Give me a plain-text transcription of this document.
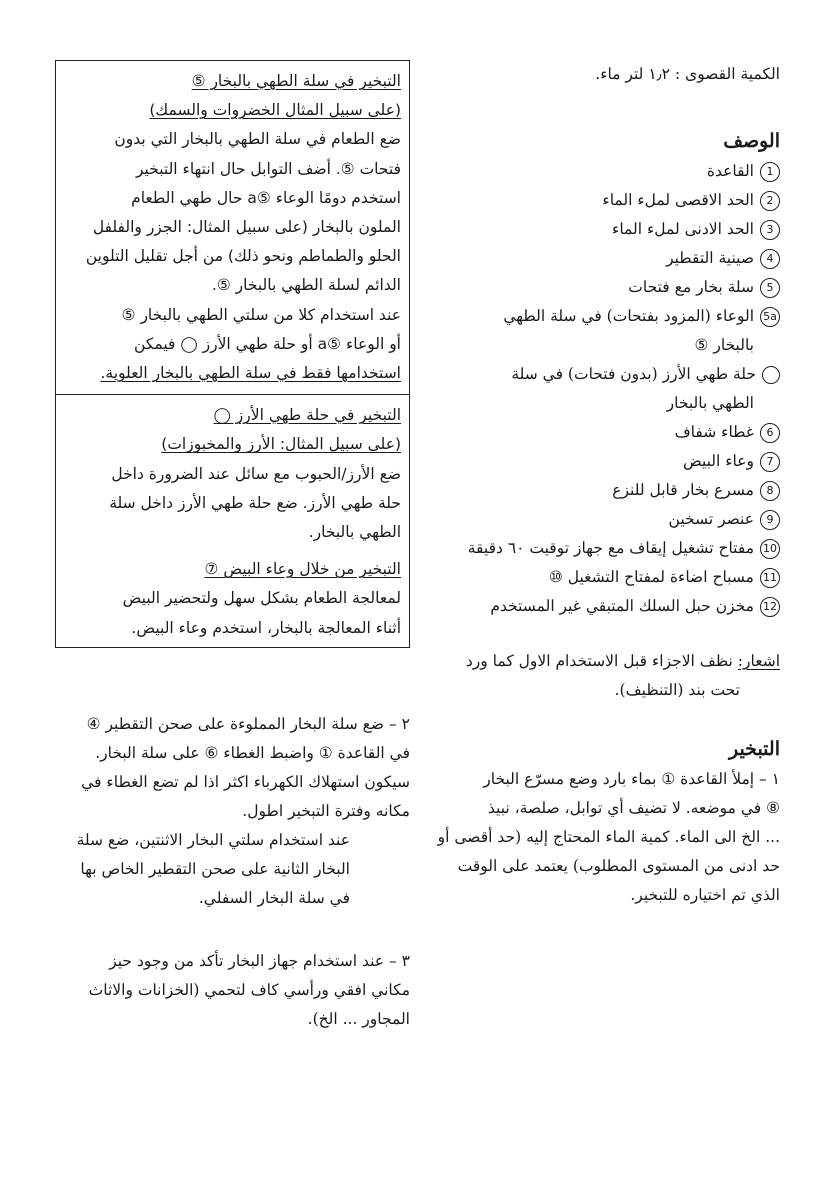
الكمية القصوى : ١٫٢ لتر ماء.
الوصف
1القاعدة
2الحد الاقصى لملء الماء
3الحد الادنى لملء الماء
4صينية التقطير
5سلة بخار مع فتحات
5aالوعاء (المزود بفتحات) في سلة الطهي
بالبخار ⑤
حلة طهي الأرز (بدون فتحات) في سلة
الطهي بالبخار
6غطاء شفاف
7وعاء البيض
8مسرع بخار قابل للنزع
9عنصر تسخين
10مفتاح تشغيل إيقاف مع جهاز توقيت ٦٠ دقيقة
11مسباح اضاءة لمفتاح التشغيل ⑩
12مخزن حبل السلك المتبقي غير المستخدم
اشعار: نظف الاجزاء قبل الاستخدام الاول كما ورد
تحت بند (التنظيف).
التبخير
١ – إملأ القاعدة ① بماء بارد وضع مسرّع البخار
⑧ في موضعه. لا تضيف أي توابل، صلصة، نبيذ
... الخ الى الماء. كمية الماء المحتاج إليه (حد أقصى أو
حد ادنى من المستوى المطلوب) يعتمد على الوقت
الذي تم اختياره للتبخير.
التبخير في سلة الطهي بالبخار ⑤
(على سبيل المثال الخضروات والسمك)
ضع الطعام في سلة الطهي بالبخار التي بدون
فتحات ⑤. أضف التوابل حال انتهاء التبخير
استخدم دومًا الوعاء ⑤a حال طهي الطعام
الملون بالبخار (على سبيل المثال: الجزر والفلفل
الحلو والطماطم ونحو ذلك) من أجل تقليل التلوين
الدائم لسلة الطهي بالبخار ⑤.
عند استخدام كلا من سلتي الطهي بالبخار ⑤
أو الوعاء ⑤a أو حلة طهي الأرز ◯ فيمكن
استخدامها فقط في سلة الطهي بالبخار العلوية.
التبخير في حلة طهي الأرز ◯
(على سبيل المثال: الأرز والمخبوزات)
ضع الأرز/الحبوب مع سائل عند الضرورة داخل
حلة طهي الأرز. ضع حلة طهي الأرز داخل سلة
الطهي بالبخار.
التبخير من خلال وعاء البيض ⑦
لمعالجة الطعام بشكل سهل ولتحضير البيض
أثناء المعالجة بالبخار، استخدم وعاء البيض.
٢ – ضع سلة البخار المملوءة على صحن التقطير ④
في القاعدة ① واضبط الغطاء ⑥ على سلة البخار.
سيكون استهلاك الكهرباء اكثر اذا لم تضع الغطاء في
مكانه وفترة التبخير اطول.
عند استخدام سلتي البخار الاثنتين، ضع سلة
البخار الثانية على صحن التقطير الخاص بها
في سلة البخار السفلي.
٣ – عند استخدام جهاز البخار تأكد من وجود حيز
مكاني افقي ورأسي كاف لتحمي (الخزانات والاثاث
المجاور ... الخ).
